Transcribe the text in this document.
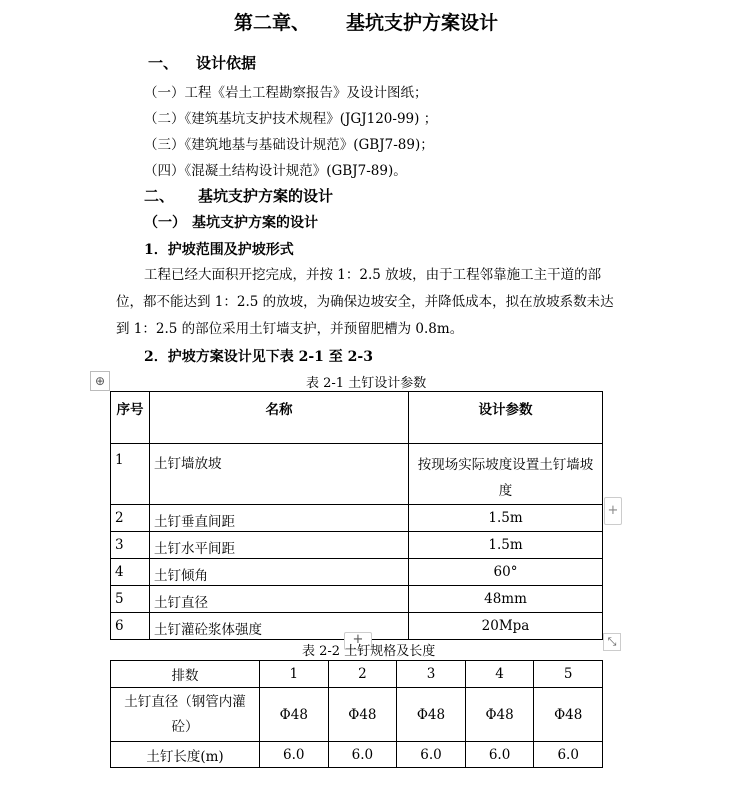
第二章、 基坑支护方案设计
一、 设计依据
（一）工程《岩土工程勘察报告》及设计图纸；
（二）《建筑基坑支护技术规程》(JGJ120-99) ；
（三）《建筑地基与基础设计规范》(GBJ7-89)；
（四）《混凝土结构设计规范》(GBJ7-89)。
二、 基坑支护方案的设计
（一） 基坑支护方案的设计
1．护坡范围及护坡形式
工程已经大面积开挖完成，并按 1：2.5 放坡，由于工程邻靠施工主干道的部位，都不能达到 1：2.5 的放坡，为确保边坡安全，并降低成本，拟在放坡系数未达到 1：2.5 的部位采用土钉墙支护，并预留肥槽为 0.8m。
2．护坡方案设计见下表 2-1 至 2-3
⊕	表 2-1 土钉设计参数
序号	名称	设计参数
1	土钉墙放坡	按现场实际坡度设置土钉墙坡度
2	土钉垂直间距	1.5m
3	土钉水平间距	1.5m
4	土钉倾角	60°
5	土钉直径	48mm
6	土钉灌砼浆体强度	20Mpa
+
+	⤡
表 2-2 土钉规格及长度
排数	1	2	3	4	5
土钉直径（钢管内灌砼）	Φ48	Φ48	Φ48	Φ48	Φ48
土钉长度(m)	6.0	6.0	6.0	6.0	6.0
